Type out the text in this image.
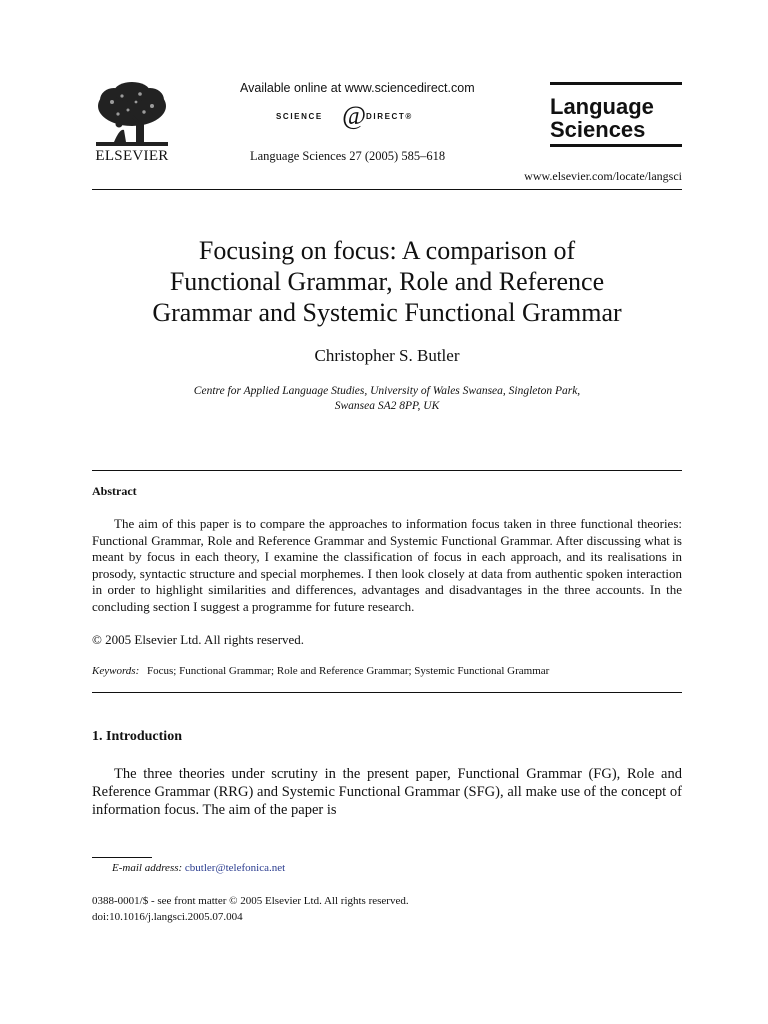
ELSEVIER
Available online at www.sciencedirect.com
SCIENCE @ DIRECT®
Language Sciences 27 (2005) 585–618
Language Sciences
www.elsevier.com/locate/langsci
Focusing on focus: A comparison of
Functional Grammar, Role and Reference
Grammar and Systemic Functional Grammar
Christopher S. Butler
Centre for Applied Language Studies, University of Wales Swansea, Singleton Park,
Swansea SA2 8PP, UK
Abstract

The aim of this paper is to compare the approaches to information focus taken in three functional theories: Functional Grammar, Role and Reference Grammar and Systemic Functional Grammar. After discussing what is meant by focus in each theory, I examine the classification of focus in each approach, and its realisations in prosody, syntactic structure and special morphemes. I then look closely at data from authentic spoken interaction in order to highlight similarities and differences, advantages and disadvantages in the three accounts. In the concluding section I suggest a programme for future research.

© 2005 Elsevier Ltd. All rights reserved.
Keywords: Focus; Functional Grammar; Role and Reference Grammar; Systemic Functional Grammar
1. Introduction
The three theories under scrutiny in the present paper, Functional Grammar (FG), Role and Reference Grammar (RRG) and Systemic Functional Grammar (SFG), all make use of the concept of information focus. The aim of the paper is
E-mail address: cbutler@telefonica.net
0388-0001/$ - see front matter © 2005 Elsevier Ltd. All rights reserved.
doi:10.1016/j.langsci.2005.07.004
